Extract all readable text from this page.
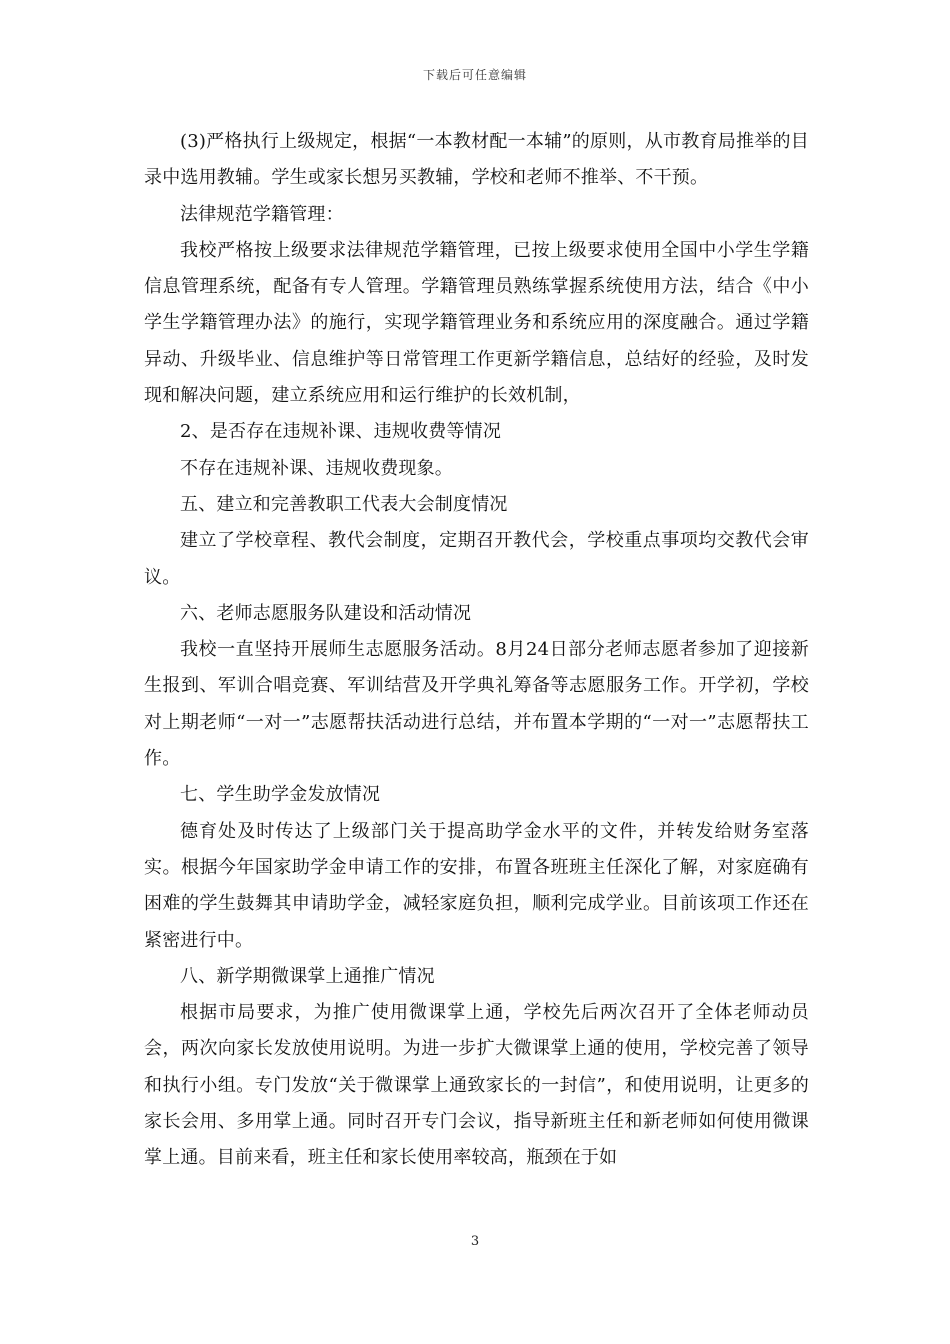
下载后可任意编辑

(3)严格执行上级规定，根据“一本教材配一本辅”的原则，从市教育局推举的目录中选用教辅。学生或家长想另买教辅，学校和老师不推举、不干预。

法律规范学籍管理：

我校严格按上级要求法律规范学籍管理，已按上级要求使用全国中小学生学籍信息管理系统，配备有专人管理。学籍管理员熟练掌握系统使用方法，结合《中小学生学籍管理办法》的施行，实现学籍管理业务和系统应用的深度融合。通过学籍异动、升级毕业、信息维护等日常管理工作更新学籍信息，总结好的经验，及时发现和解决问题，建立系统应用和运行维护的长效机制，

2、是否存在违规补课、违规收费等情况

不存在违规补课、违规收费现象。

五、建立和完善教职工代表大会制度情况

建立了学校章程、教代会制度，定期召开教代会，学校重点事项均交教代会审议。

六、老师志愿服务队建设和活动情况

我校一直坚持开展师生志愿服务活动。8月24日部分老师志愿者参加了迎接新生报到、军训合唱竞赛、军训结营及开学典礼筹备等志愿服务工作。开学初，学校对上期老师“一对一”志愿帮扶活动进行总结，并布置本学期的“一对一”志愿帮扶工作。

七、学生助学金发放情况

德育处及时传达了上级部门关于提高助学金水平的文件，并转发给财务室落实。根据今年国家助学金申请工作的安排，布置各班班主任深化了解，对家庭确有困难的学生鼓舞其申请助学金，减轻家庭负担，顺利完成学业。目前该项工作还在紧密进行中。

八、新学期微课掌上通推广情况

根据市局要求，为推广使用微课掌上通，学校先后两次召开了全体老师动员会，两次向家长发放使用说明。为进一步扩大微课掌上通的使用，学校完善了领导和执行小组。专门发放“关于微课掌上通致家长的一封信”，和使用说明，让更多的家长会用、多用掌上通。同时召开专门会议，指导新班主任和新老师如何使用微课掌上通。目前来看，班主任和家长使用率较高，瓶颈在于如

3
